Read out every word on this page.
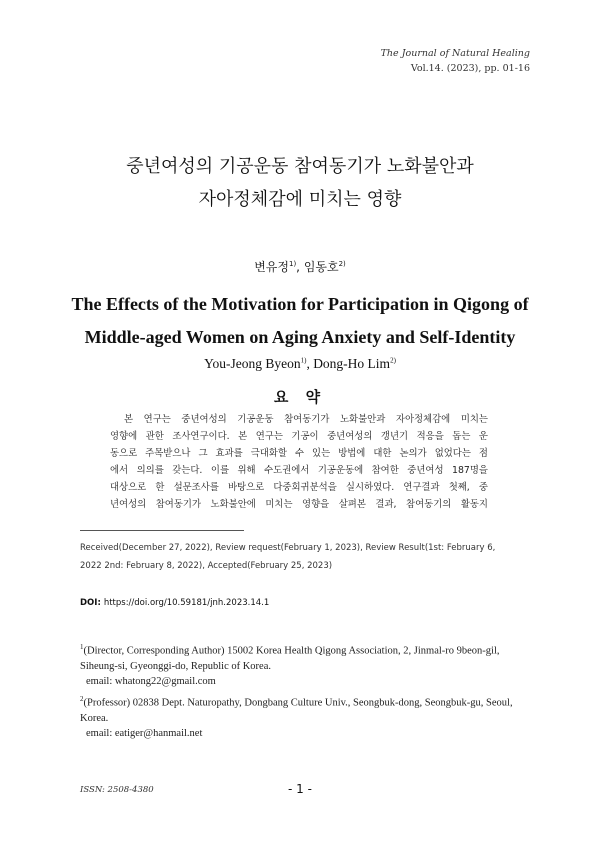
The Journal of Natural Healing
Vol.14. (2023), pp. 01-16
중년여성의 기공운동 참여동기가 노화불안과
자아정체감에 미치는 영향
변유정$^{1)}$, 임동호$^{2)}$
The Effects of the Motivation for Participation in Qigong of
Middle-aged Women on Aging Anxiety and Self-Identity
You-Jeong Byeon$^{1)}$, Dong-Ho Lim$^{2)}$
요 약
본 연구는 중년여성의 기공운동 참여동기가 노화불안과 자아정체감에 미치는
영향에 관한 조사연구이다. 본 연구는 기공이 중년여성의 갱년기 적응을 돕는 운
동으로 주목받으나 그 효과를 극대화할 수 있는 방법에 대한 논의가 없었다는 점
에서 의의를 갖는다. 이를 위해 수도권에서 기공운동에 참여한 중년여성 187명을
대상으로 한 설문조사를 바탕으로 다중회귀분석을 실시하였다. 연구결과 첫째, 중
년여성의 참여동기가 노화불안에 미치는 영향을 살펴본 결과, 참여동기의 활동지
Received(December 27, 2022), Review request(February 1, 2023), Review Result(1st: February 6,
2022 2nd: February 8, 2022), Accepted(February 25, 2023)
DOI: https://doi.org/10.59181/jnh.2023.14.1
$^1$(Director, Corresponding Author) 15002 Korea Health Qigong Association, 2, Jinmal-ro 9beon-gil, Siheung-si, Gyeonggi-do, Republic of Korea.
email: whatong22@gmail.com
$^2$(Professor) 02838 Dept. Naturopathy, Dongbang Culture Univ., Seongbuk-dong, Seongbuk-gu, Seoul, Korea.
email: eatiger@hanmail.net
ISSN: 2508-4380	- 1 -
